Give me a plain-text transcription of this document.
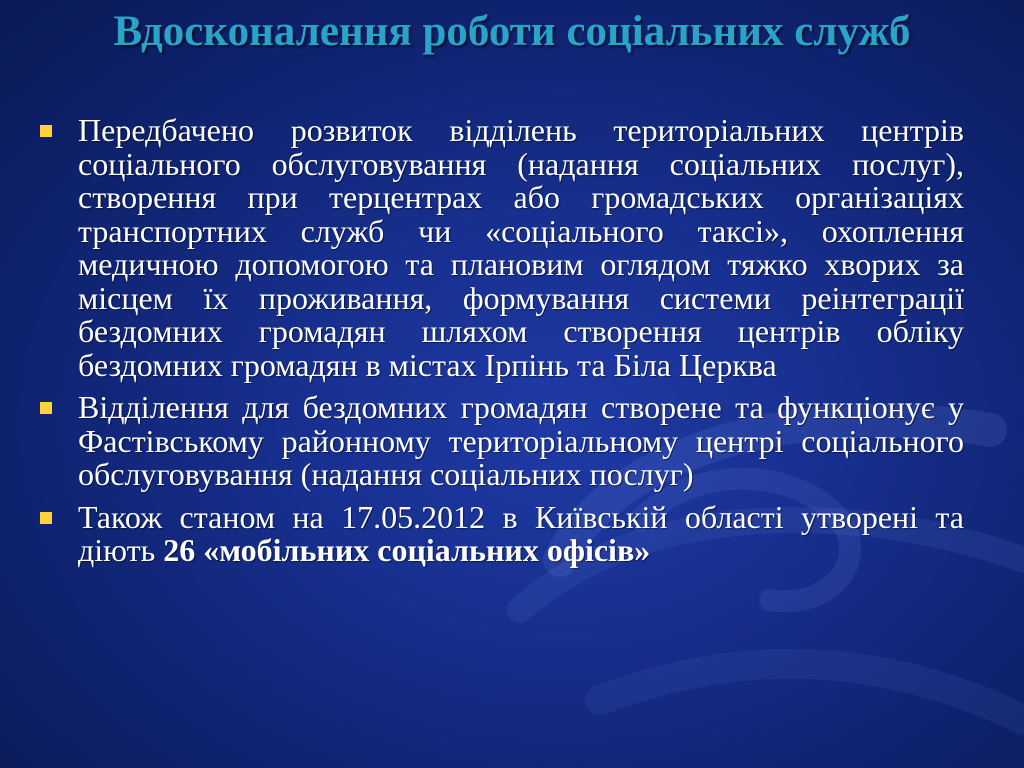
Вдосконалення роботи соціальних служб
Передбачено розвиток відділень територіальних центрів соціального обслуговування (надання соціальних послуг), створення при терцентрах або громадських організаціях транспортних служб чи «соціального таксі», охоплення медичною допомогою та плановим оглядом тяжко хворих за місцем їх проживання, формування системи реінтеграції бездомних громадян шляхом створення центрів обліку бездомних громадян в містах Ірпінь та Біла Церква
Відділення для бездомних громадян створене та функціонує у Фастівському районному територіальному центрі соціального обслуговування (надання соціальних послуг)
Також станом на 17.05.2012 в Київській області утворені та діють 26 «мобільних соціальних офісів»
